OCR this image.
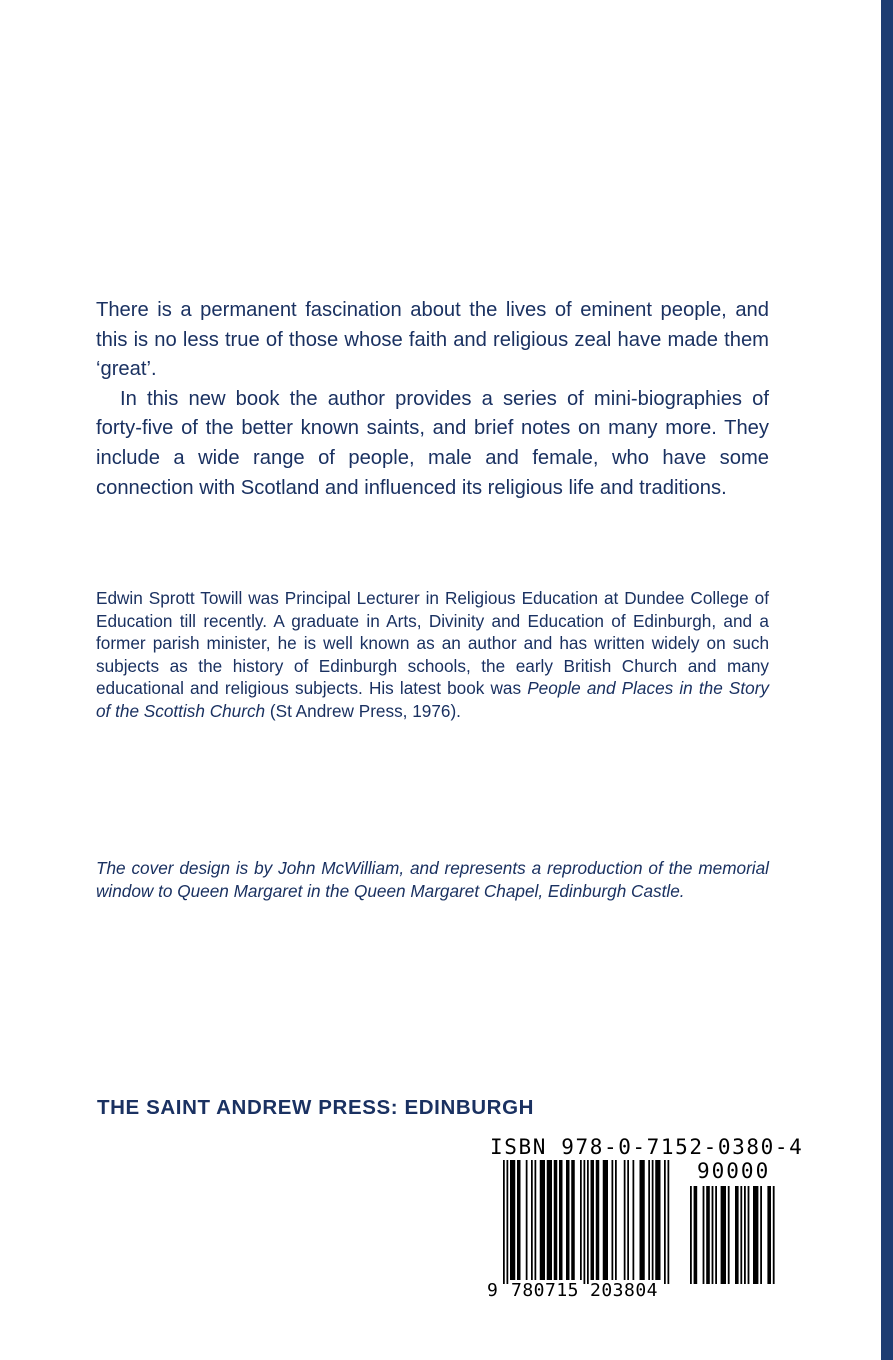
There is a permanent fascination about the lives of eminent people, and this is no less true of those whose faith and religious zeal have made them ‘great’.

In this new book the author provides a series of mini-biographies of forty-five of the better known saints, and brief notes on many more. They include a wide range of people, male and female, who have some connection with Scotland and influenced its religious life and traditions.

Edwin Sprott Towill was Principal Lecturer in Religious Education at Dundee College of Education till recently. A graduate in Arts, Divinity and Education of Edinburgh, and a former parish minister, he is well known as an author and has written widely on such subjects as the history of Edinburgh schools, the early British Church and many educational and religious subjects. His latest book was People and Places in the Story of the Scottish Church (St Andrew Press, 1976).

The cover design is by John McWilliam, and represents a reproduction of the memorial window to Queen Margaret in the Queen Margaret Chapel, Edinburgh Castle.

THE SAINT ANDREW PRESS: EDINBURGH

ISBN 978-0-7152-0380-4

90000

9 780715 203804
